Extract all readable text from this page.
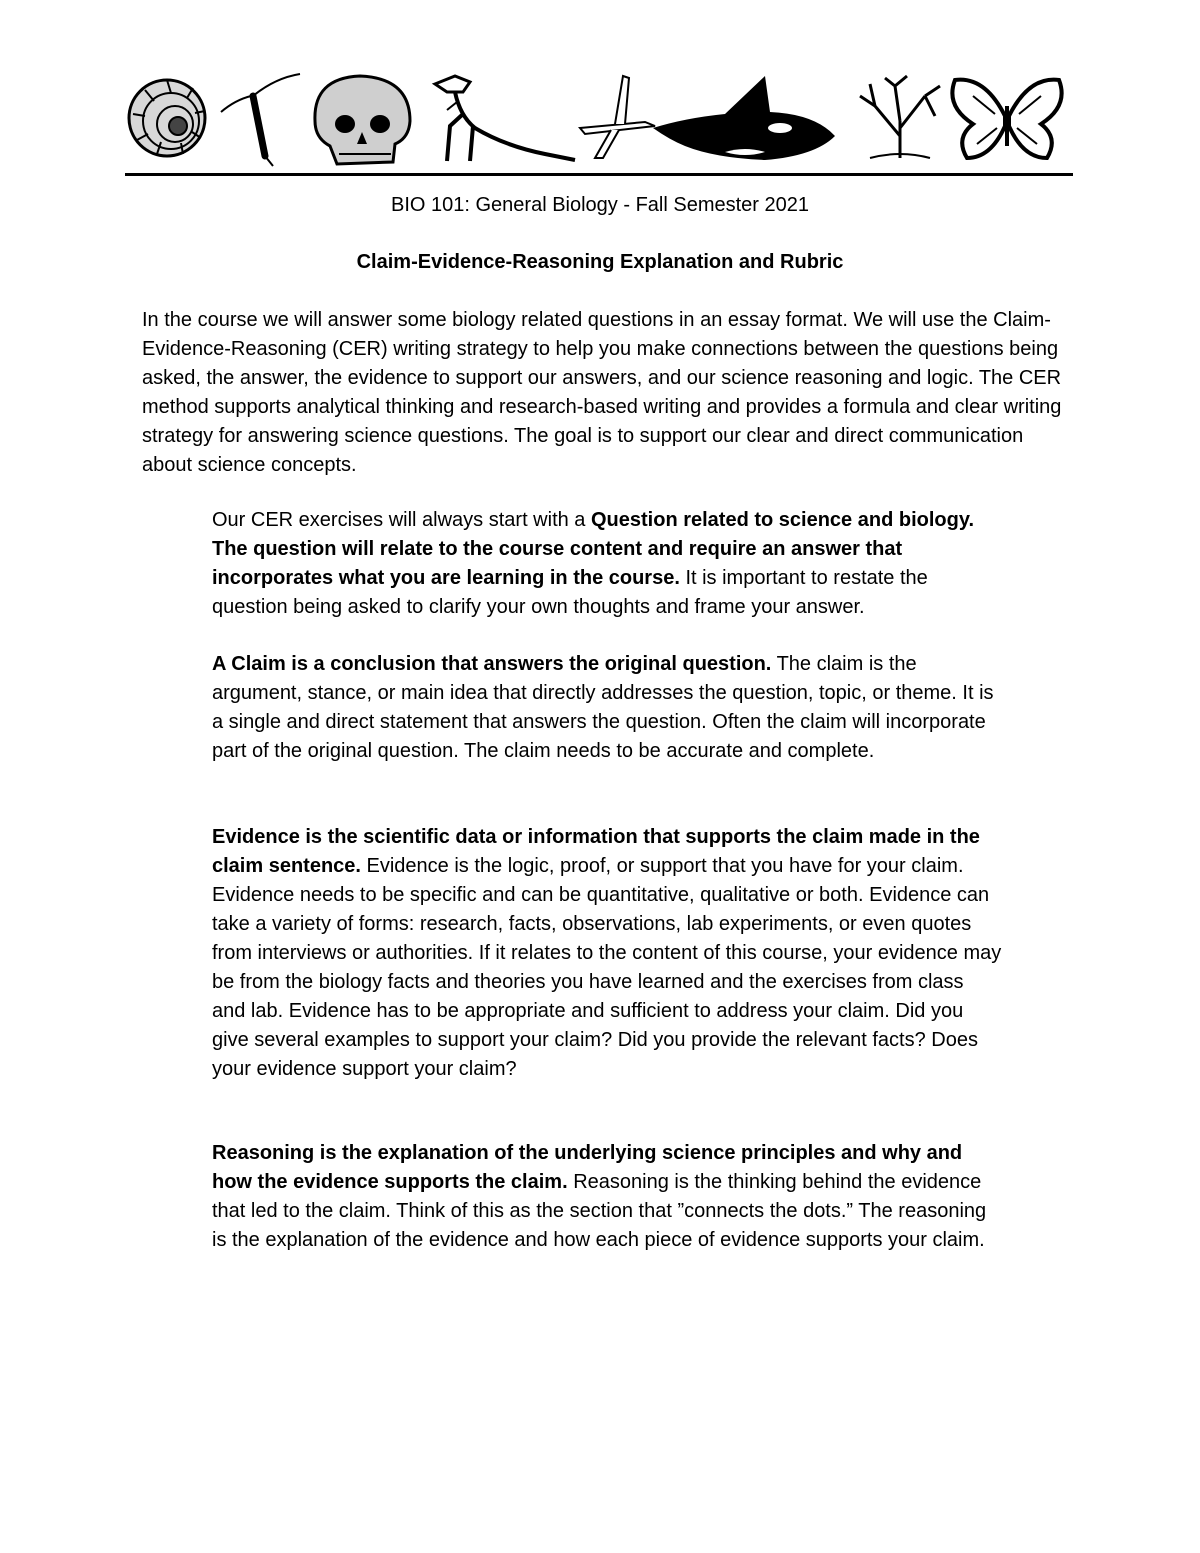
BIO 101: General Biology - Fall Semester 2021
Claim-Evidence-Reasoning Explanation and Rubric

In the course we will answer some biology related questions in an essay format. We will use the Claim-Evidence-Reasoning (CER) writing strategy to help you make connections between the questions being asked, the answer, the evidence to support our answers, and our science reasoning and logic. The CER method supports analytical thinking and research-based writing and provides a formula and clear writing strategy for answering science questions. The goal is to support our clear and direct communication about science concepts.

Our CER exercises will always start with a Question related to science and biology. The question will relate to the course content and require an answer that incorporates what you are learning in the course. It is important to restate the question being asked to clarify your own thoughts and frame your answer.

A Claim is a conclusion that answers the original question. The claim is the argument, stance, or main idea that directly addresses the question, topic, or theme. It is a single and direct statement that answers the question. Often the claim will incorporate part of the original question. The claim needs to be accurate and complete.

Evidence is the scientific data or information that supports the claim made in the claim sentence. Evidence is the logic, proof, or support that you have for your claim. Evidence needs to be specific and can be quantitative, qualitative or both. Evidence can take a variety of forms: research, facts, observations, lab experiments, or even quotes from interviews or authorities. If it relates to the content of this course, your evidence may be from the biology facts and theories you have learned and the exercises from class and lab. Evidence has to be appropriate and sufficient to address your claim. Did you give several examples to support your claim? Did you provide the relevant facts? Does your evidence support your claim?

Reasoning is the explanation of the underlying science principles and why and how the evidence supports the claim. Reasoning is the thinking behind the evidence that led to the claim. Think of this as the section that ”connects the dots.” The reasoning is the explanation of the evidence and how each piece of evidence supports your claim.
